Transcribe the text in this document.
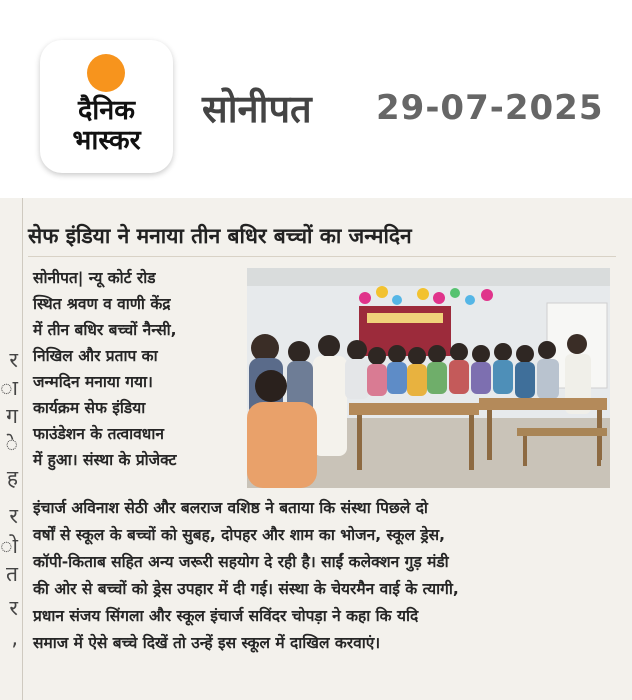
दैनिक
भास्कर
सोनीपत 29-07-2025
र
ा
ग
े
ह
र
ो
त
र
,
सेफ इंडिया ने मनाया तीन बधिर बच्चों का जन्मदिन
सोनीपत| न्यू कोर्ट रोड
स्थित श्रवण व वाणी केंद्र
में तीन बधिर बच्चों नैन्सी,
निखिल और प्रताप का
जन्मदिन मनाया गया।
कार्यक्रम सेफ इंडिया
फाउंडेशन के तत्वावधान
में हुआ। संस्था के प्रोजेक्ट
इंचार्ज अविनाश सेठी और बलराज वशिष्ठ ने बताया कि संस्था पिछले दो
वर्षों से स्कूल के बच्चों को सुबह, दोपहर और शाम का भोजन, स्कूल ड्रेस,
कॉपी-किताब सहित अन्य जरूरी सहयोग दे रही है। साईं कलेक्शन गुड़ मंडी
की ओर से बच्चों को ड्रेस उपहार में दी गई। संस्था के चेयरमैन वाई के त्यागी,
प्रधान संजय सिंगला और स्कूल इंचार्ज सविंदर चोपड़ा ने कहा कि यदि
समाज में ऐसे बच्चे दिखें तो उन्हें इस स्कूल में दाखिल करवाएं।
